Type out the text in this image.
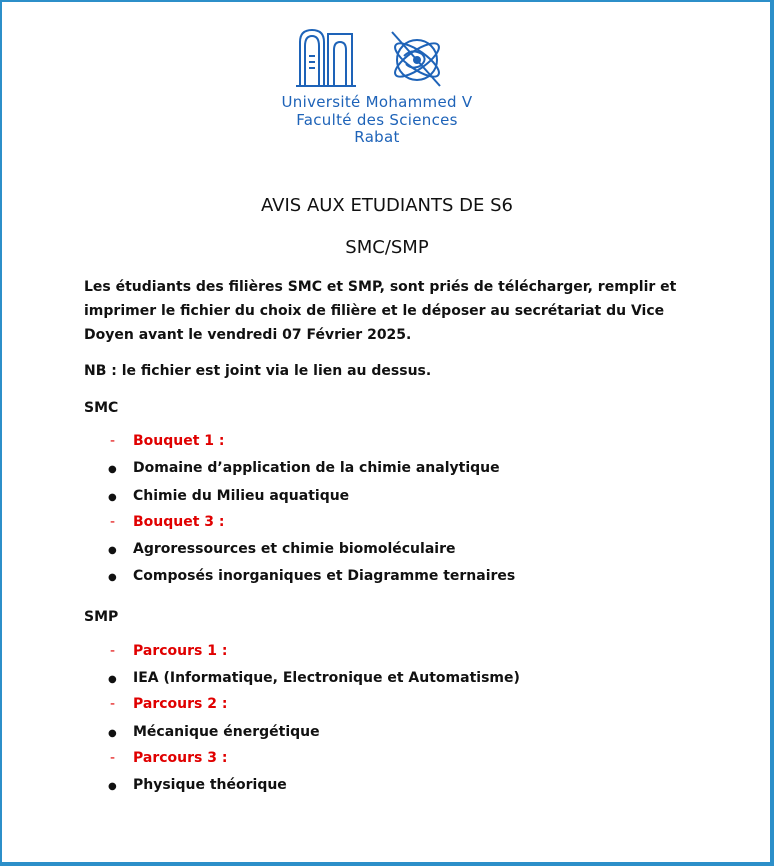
Université Mohammed V
Faculté des Sciences
Rabat
AVIS AUX ETUDIANTS DE S6
SMC/SMP
Les étudiants des filières SMC et SMP, sont priés de télécharger, remplir et imprimer le fichier du choix de filière et le déposer au secrétariat du Vice Doyen avant le vendredi 07 Février 2025.
NB : le fichier est joint via le lien au dessus.
SMC
- Bouquet 1 :
● Domaine d’application de la chimie analytique
● Chimie du Milieu aquatique
- Bouquet 3 :
● Agroressources et chimie biomoléculaire
● Composés inorganiques et Diagramme ternaires
SMP
- Parcours 1 :
● IEA (Informatique, Electronique et Automatisme)
- Parcours 2 :
● Mécanique énergétique
- Parcours 3 :
● Physique théorique
